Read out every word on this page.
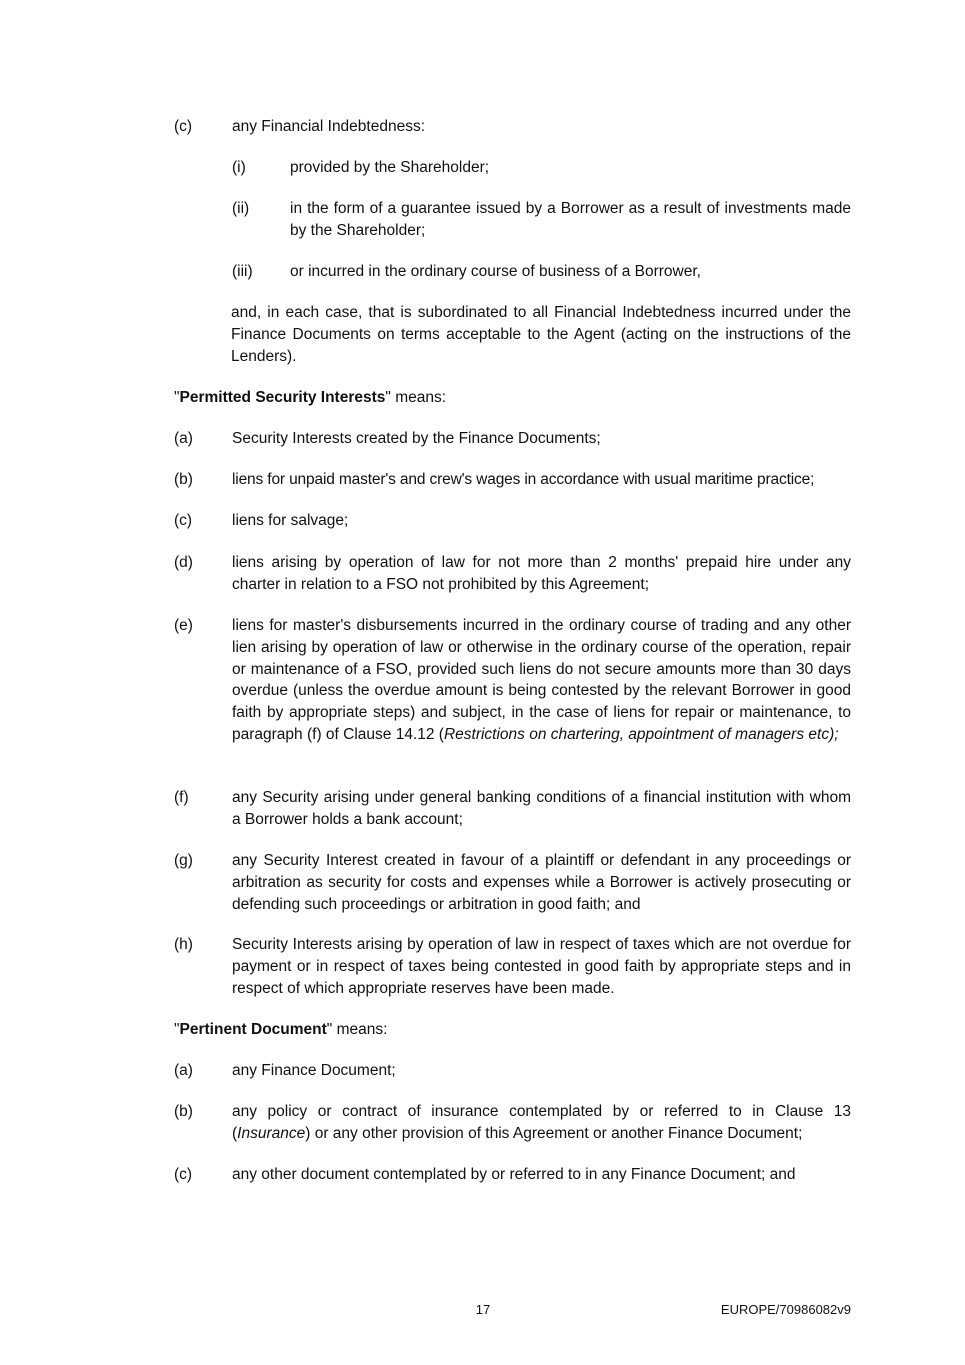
(c)	any Financial Indebtedness:
(i)	provided by the Shareholder;
(ii)	in the form of a guarantee issued by a Borrower as a result of investments made by the Shareholder;
(iii)	or incurred in the ordinary course of business of a Borrower,
and, in each case, that is subordinated to all Financial Indebtedness incurred under the Finance Documents on terms acceptable to the Agent (acting on the instructions of the Lenders).
"Permitted Security Interests" means:
(a)	Security Interests created by the Finance Documents;
(b)	liens for unpaid master's and crew's wages in accordance with usual maritime practice;
(c)	liens for salvage;
(d)	liens arising by operation of law for not more than 2 months' prepaid hire under any charter in relation to a FSO not prohibited by this Agreement;
(e)	liens for master's disbursements incurred in the ordinary course of trading and any other lien arising by operation of law or otherwise in the ordinary course of the operation, repair or maintenance of a FSO, provided such liens do not secure amounts more than 30 days overdue (unless the overdue amount is being contested by the relevant Borrower in good faith by appropriate steps) and subject, in the case of liens for repair or maintenance, to paragraph (f) of Clause 14.12 (Restrictions on chartering, appointment of managers etc);
(f)	any Security arising under general banking conditions of a financial institution with whom a Borrower holds a bank account;
(g)	any Security Interest created in favour of a plaintiff or defendant in any proceedings or arbitration as security for costs and expenses while a Borrower is actively prosecuting or defending such proceedings or arbitration in good faith; and
(h)	Security Interests arising by operation of law in respect of taxes which are not overdue for payment or in respect of taxes being contested in good faith by appropriate steps and in respect of which appropriate reserves have been made.
"Pertinent Document" means:
(a)	any Finance Document;
(b)	any policy or contract of insurance contemplated by or referred to in Clause 13 (Insurance) or any other provision of this Agreement or another Finance Document;
(c)	any other document contemplated by or referred to in any Finance Document; and
17	EUROPE/70986082v9
